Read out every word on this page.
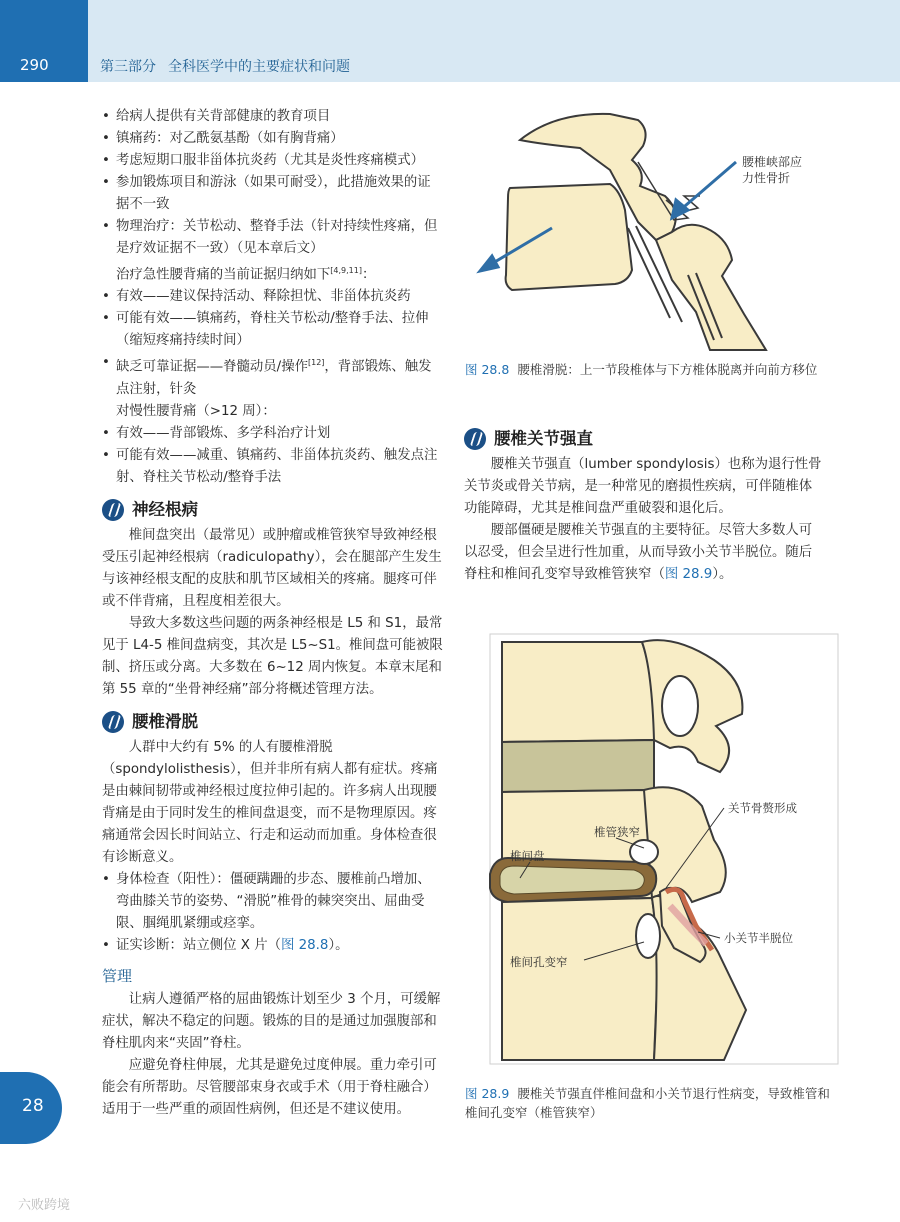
290	第三部分 全科医学中的主要症状和问题
• 给病人提供有关背部健康的教育项目
• 镇痛药：对乙酰氨基酚（如有胸背痛）
• 考虑短期口服非甾体抗炎药（尤其是炎性疼痛模式）
• 参加锻炼项目和游泳（如果可耐受），此措施效果的证据不一致
• 物理治疗：关节松动、整脊手法（针对持续性疼痛，但是疗效证据不一致）（见本章后文）

治疗急性腰背痛的当前证据归纳如下[4,9,11]：

• 有效——建议保持活动、释除担忧、非甾体抗炎药
• 可能有效——镇痛药，脊柱关节松动/整脊手法、拉伸（缩短疼痛持续时间）
• 缺乏可靠证据——脊髓动员/操作[12]，背部锻炼、触发点注射，针灸

对慢性腰背痛（>12 周）：

• 有效——背部锻炼、多学科治疗计划
• 可能有效——减重、镇痛药、非甾体抗炎药、触发点注射、脊柱关节松动/整脊手法
神经根病

椎间盘突出（最常见）或肿瘤或椎管狭窄导致神经根受压引起神经根病（radiculopathy），会在腿部产生发生与该神经根支配的皮肤和肌节区域相关的疼痛。腿疼可伴或不伴背痛，且程度相差很大。

导致大多数这些问题的两条神经根是 L5 和 S1，最常见于 L4-5 椎间盘病变，其次是 L5~S1。椎间盘可能被限制、挤压或分离。大多数在 6~12 周内恢复。本章末尾和第 55 章的“坐骨神经痛”部分将概述管理方法。

腰椎滑脱

人群中大约有 5% 的人有腰椎滑脱（spondylolisthesis），但并非所有病人都有症状。疼痛是由棘间韧带或神经根过度拉伸引起的。许多病人出现腰背痛是由于同时发生的椎间盘退变，而不是物理原因。疼痛通常会因长时间站立、行走和运动而加重。身体检查很有诊断意义。

• 身体检查（阳性）：僵硬蹒跚的步态、腰椎前凸增加、弯曲膝关节的姿势、“滑脱”椎骨的棘突突出、屈曲受限、腘绳肌紧绷或痉挛。
• 证实诊断：站立侧位 X 片（图 28.8）。
管理

让病人遵循严格的屈曲锻炼计划至少 3 个月，可缓解症状，解决不稳定的问题。锻炼的目的是通过加强腹部和脊柱肌肉来“夹固”脊柱。

应避免脊柱伸展，尤其是避免过度伸展。重力牵引可能会有所帮助。尽管腰部束身衣或手术（用于脊柱融合）适用于一些严重的顽固性病例，但还是不建议使用。

腰椎峡部应力性骨折
图 28.8 腰椎滑脱：上一节段椎体与下方椎体脱离并向前方移位
腰椎关节强直

腰椎关节强直（lumber spondylosis）也称为退行性骨关节炎或骨关节病，是一种常见的磨损性疾病，可伴随椎体功能障碍，尤其是椎间盘严重破裂和退化后。

腰部僵硬是腰椎关节强直的主要特征。尽管大多数人可以忍受，但会呈进行性加重，从而导致小关节半脱位。随后脊柱和椎间孔变窄导致椎管狭窄（图 28.9）。

关节骨赘形成
椎管狭窄
椎间盘
小关节半脱位
椎间孔变窄
图 28.9 腰椎关节强直伴椎间盘和小关节退行性病变，导致椎管和椎间孔变窄（椎管狭窄）
28
六败跨境
